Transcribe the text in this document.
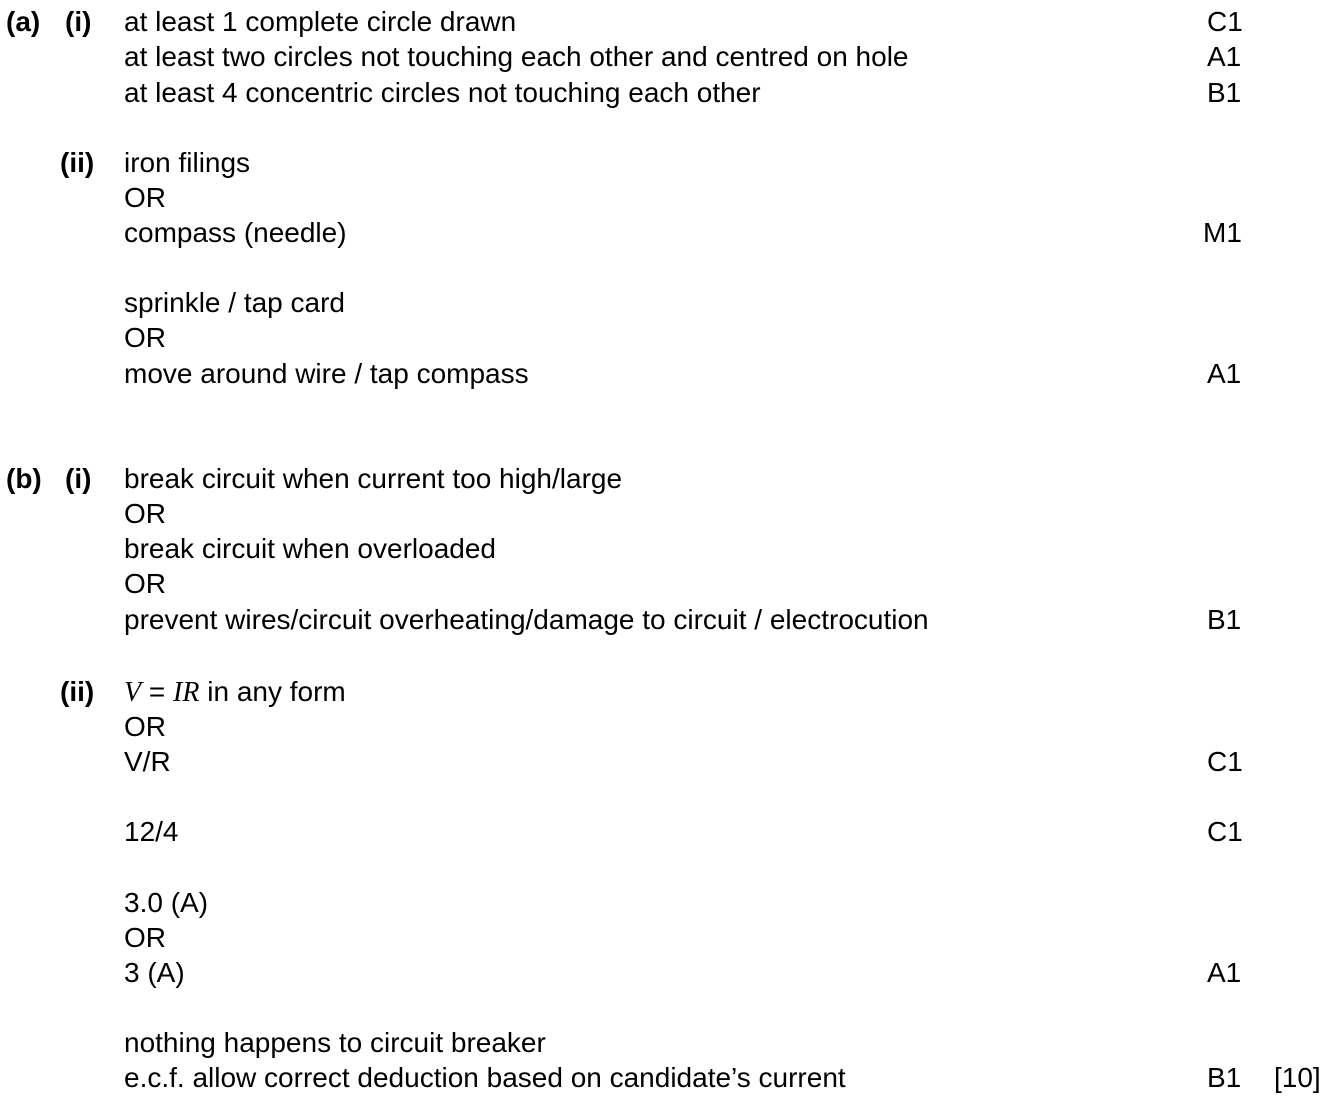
(a) (i) at least 1 complete circle drawn	C1
at least two circles not touching each other and centred on hole	A1
at least 4 concentric circles not touching each other	B1
(ii) iron filings
OR
compass (needle)	M1
sprinkle / tap card
OR
move around wire / tap compass	A1
(b) (i) break circuit when current too high/large
OR
break circuit when overloaded
OR
prevent wires/circuit overheating/damage to circuit / electrocution	B1
(ii) V = IR in any form
OR
V/R	C1
12/4	C1
3.0 (A)
OR
3 (A)	A1
nothing happens to circuit breaker
e.c.f. allow correct deduction based on candidate’s current	B1 [10]
